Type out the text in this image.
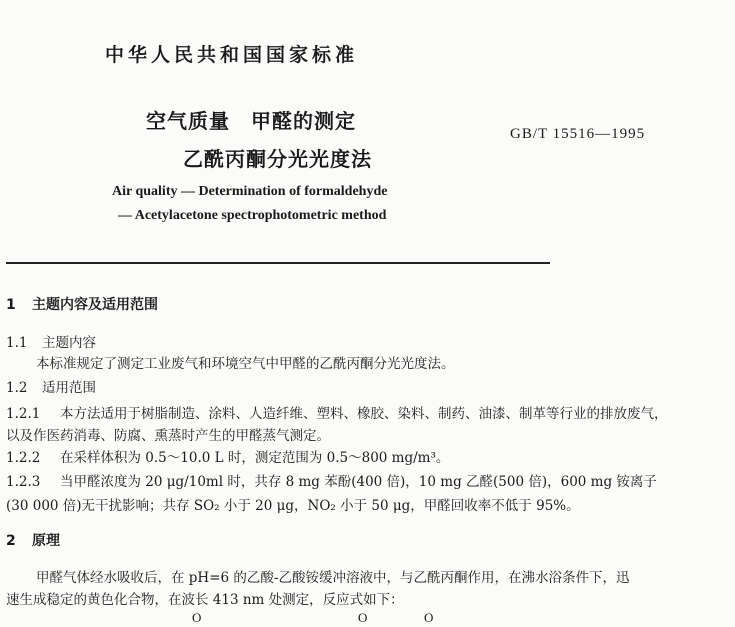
中华人民共和国国家标准
空气质量　甲醛的测定
乙酰丙酮分光光度法
GB/T 15516—1995
Air quality — Determination of formaldehyde
— Acetylacetone spectrophotometric method
1 主题内容及适用范围
1.1 主题内容
本标准规定了测定工业废气和环境空气中甲醛的乙酰丙酮分光光度法。
1.2 适用范围
1.2.1 本方法适用于树脂制造、涂料、人造纤维、塑料、橡胶、染料、制药、油漆、制革等行业的排放废气，
以及作医药消毒、防腐、熏蒸时产生的甲醛蒸气测定。
1.2.2 在采样体积为 0.5～10.0 L 时，测定范围为 0.5～800 mg/m³。
1.2.3 当甲醛浓度为 20 μg/10ml 时，共存 8 mg 苯酚(400 倍)，10 mg 乙醛(500 倍)，600 mg 铵离子
(30 000 倍)无干扰影响；共存 SO₂ 小于 20 μg，NO₂ 小于 50 μg，甲醛回收率不低于 95%。
2 原理
甲醛气体经水吸收后，在 pH=6 的乙酸-乙酸铵缓冲溶液中，与乙酰丙酮作用，在沸水浴条件下，迅
速生成稳定的黄色化合物，在波长 413 nm 处测定，反应式如下：
O	O	O
